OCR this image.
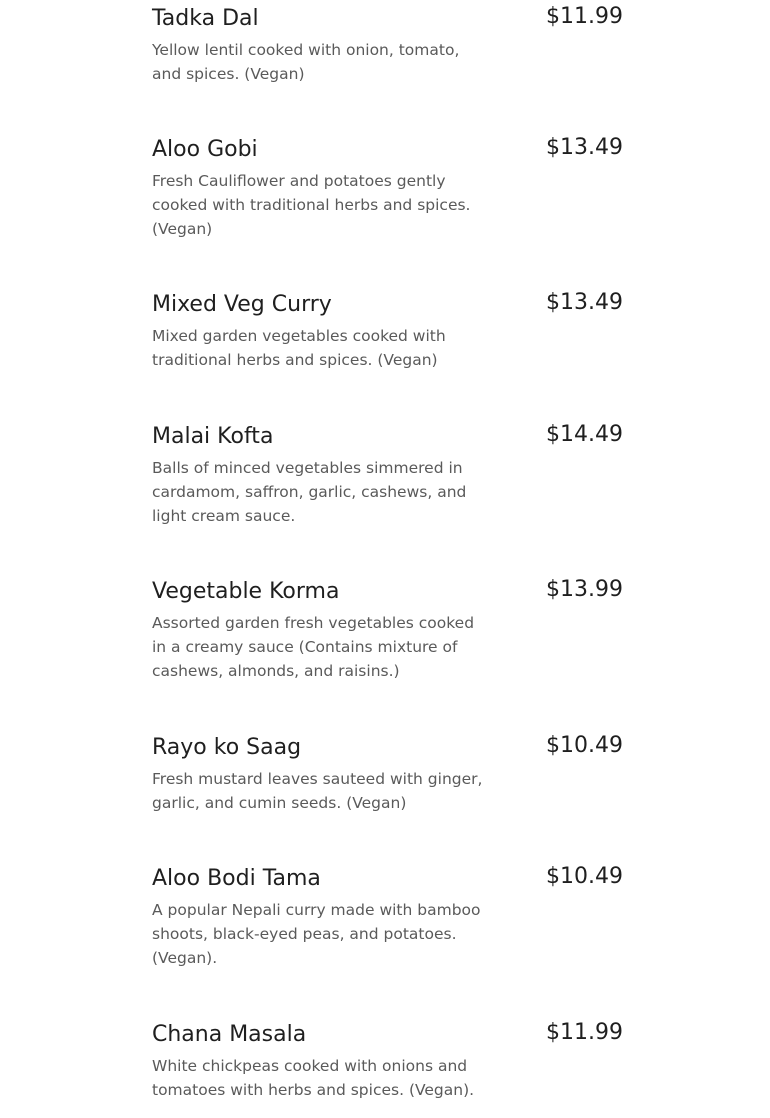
Tadka Dal	$11.99
Yellow lentil cooked with onion, tomato, and spices. (Vegan)
Aloo Gobi	$13.49
Fresh Cauliflower and potatoes gently cooked with traditional herbs and spices. (Vegan)
Mixed Veg Curry	$13.49
Mixed garden vegetables cooked with traditional herbs and spices. (Vegan)
Malai Kofta	$14.49
Balls of minced vegetables simmered in cardamom, saffron, garlic, cashews, and light cream sauce.
Vegetable Korma	$13.99
Assorted garden fresh vegetables cooked in a creamy sauce (Contains mixture of cashews, almonds, and raisins.)
Rayo ko Saag	$10.49
Fresh mustard leaves sauteed with ginger, garlic, and cumin seeds. (Vegan)
Aloo Bodi Tama	$10.49
A popular Nepali curry made with bamboo shoots, black-eyed peas, and potatoes. (Vegan).
Chana Masala	$11.99
White chickpeas cooked with onions and tomatoes with herbs and spices. (Vegan).
